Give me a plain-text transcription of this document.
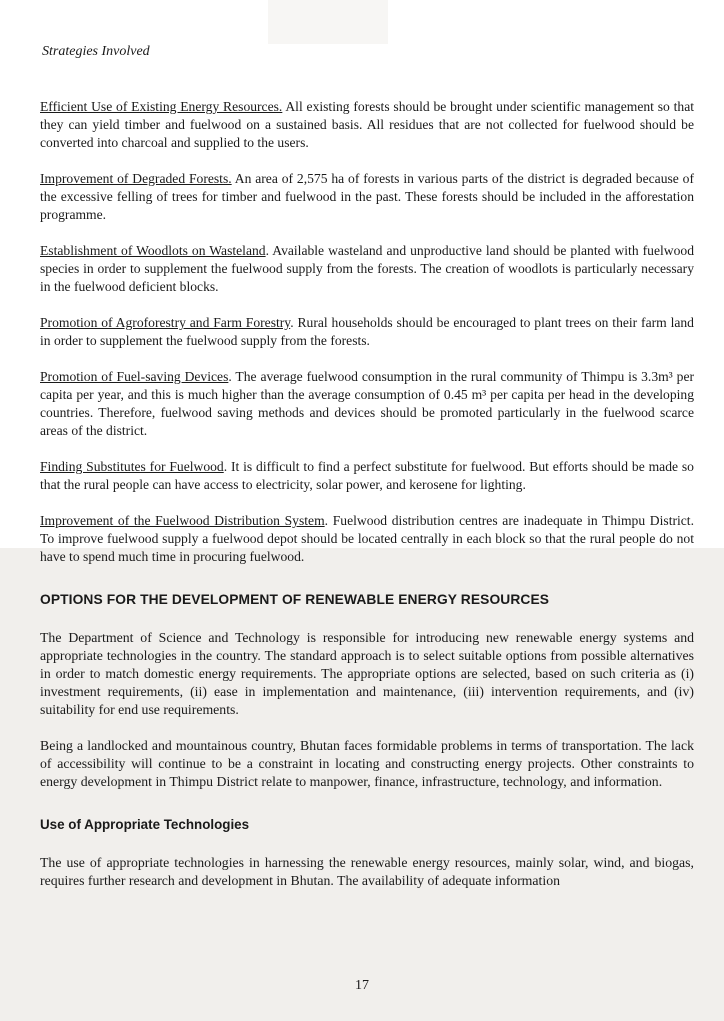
Strategies Involved

Efficient Use of Existing Energy Resources. All existing forests should be brought under scientific management so that they can yield timber and fuelwood on a sustained basis. All residues that are not collected for fuelwood should be converted into charcoal and supplied to the users.

Improvement of Degraded Forests. An area of 2,575 ha of forests in various parts of the district is degraded because of the excessive felling of trees for timber and fuelwood in the past. These forests should be included in the afforestation programme.

Establishment of Woodlots on Wasteland. Available wasteland and unproductive land should be planted with fuelwood species in order to supplement the fuelwood supply from the forests. The creation of woodlots is particularly necessary in the fuelwood deficient blocks.

Promotion of Agroforestry and Farm Forestry. Rural households should be encouraged to plant trees on their farm land in order to supplement the fuelwood supply from the forests.

Promotion of Fuel-saving Devices. The average fuelwood consumption in the rural community of Thimpu is 3.3m³ per capita per year, and this is much higher than the average consumption of 0.45 m³ per capita per head in the developing countries. Therefore, fuelwood saving methods and devices should be promoted particularly in the fuelwood scarce areas of the district.

Finding Substitutes for Fuelwood. It is difficult to find a perfect substitute for fuelwood. But efforts should be made so that the rural people can have access to electricity, solar power, and kerosene for lighting.

Improvement of the Fuelwood Distribution System. Fuelwood distribution centres are inadequate in Thimpu District. To improve fuelwood supply a fuelwood depot should be located centrally in each block so that the rural people do not have to spend much time in procuring fuelwood.

OPTIONS FOR THE DEVELOPMENT OF RENEWABLE ENERGY RESOURCES

The Department of Science and Technology is responsible for introducing new renewable energy systems and appropriate technologies in the country. The standard approach is to select suitable options from possible alternatives in order to match domestic energy requirements. The appropriate options are selected, based on such criteria as (i) investment requirements, (ii) ease in implementation and maintenance, (iii) intervention requirements, and (iv) suitability for end use requirements.

Being a landlocked and mountainous country, Bhutan faces formidable problems in terms of transportation. The lack of accessibility will continue to be a constraint in locating and constructing energy projects. Other constraints to energy development in Thimpu District relate to manpower, finance, infrastructure, technology, and information.

Use of Appropriate Technologies

The use of appropriate technologies in harnessing the renewable energy resources, mainly solar, wind, and biogas, requires further research and development in Bhutan. The availability of adequate information

17
